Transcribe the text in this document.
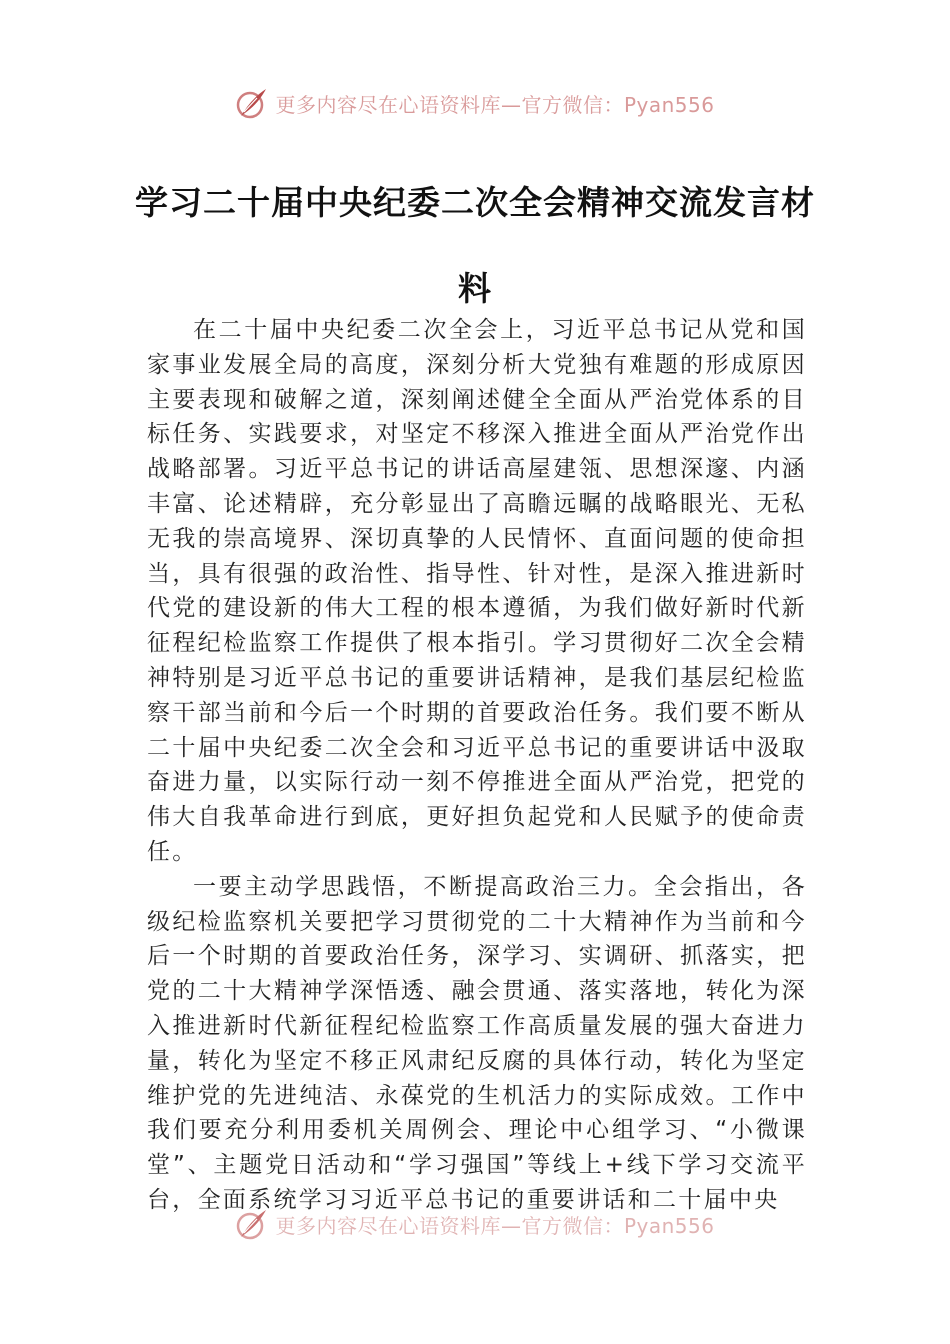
更多内容尽在心语资料库—官方微信：Pyan556
学习二十届中央纪委二次全会精神交流发言材料

在二十届中央纪委二次全会上，习近平总书记从党和国家事业发展全局的高度，深刻分析大党独有难题的形成原因主要表现和破解之道，深刻阐述健全全面从严治党体系的目标任务、实践要求，对坚定不移深入推进全面从严治党作出战略部署。习近平总书记的讲话高屋建瓴、思想深邃、内涵丰富、论述精辟，充分彰显出了高瞻远瞩的战略眼光、无私无我的崇高境界、深切真挚的人民情怀、直面问题的使命担当，具有很强的政治性、指导性、针对性，是深入推进新时代党的建设新的伟大工程的根本遵循，为我们做好新时代新征程纪检监察工作提供了根本指引。学习贯彻好二次全会精神特别是习近平总书记的重要讲话精神，是我们基层纪检监察干部当前和今后一个时期的首要政治任务。我们要不断从二十届中央纪委二次全会和习近平总书记的重要讲话中汲取奋进力量，以实际行动一刻不停推进全面从严治党，把党的伟大自我革命进行到底，更好担负起党和人民赋予的使命责任。

一要主动学思践悟，不断提高政治三力。全会指出，各级纪检监察机关要把学习贯彻党的二十大精神作为当前和今后一个时期的首要政治任务，深学习、实调研、抓落实，把党的二十大精神学深悟透、融会贯通、落实落地，转化为深入推进新时代新征程纪检监察工作高质量发展的强大奋进力量，转化为坚定不移正风肃纪反腐的具体行动，转化为坚定维护党的先进纯洁、永葆党的生机活力的实际成效。工作中我们要充分利用委机关周例会、理论中心组学习、“小微课堂”、主题党日活动和“学习强国”等线上+线下学习交流平台，全面系统学习习近平总书记的重要讲话和二十届中央

更多内容尽在心语资料库—官方微信：Pyan556
